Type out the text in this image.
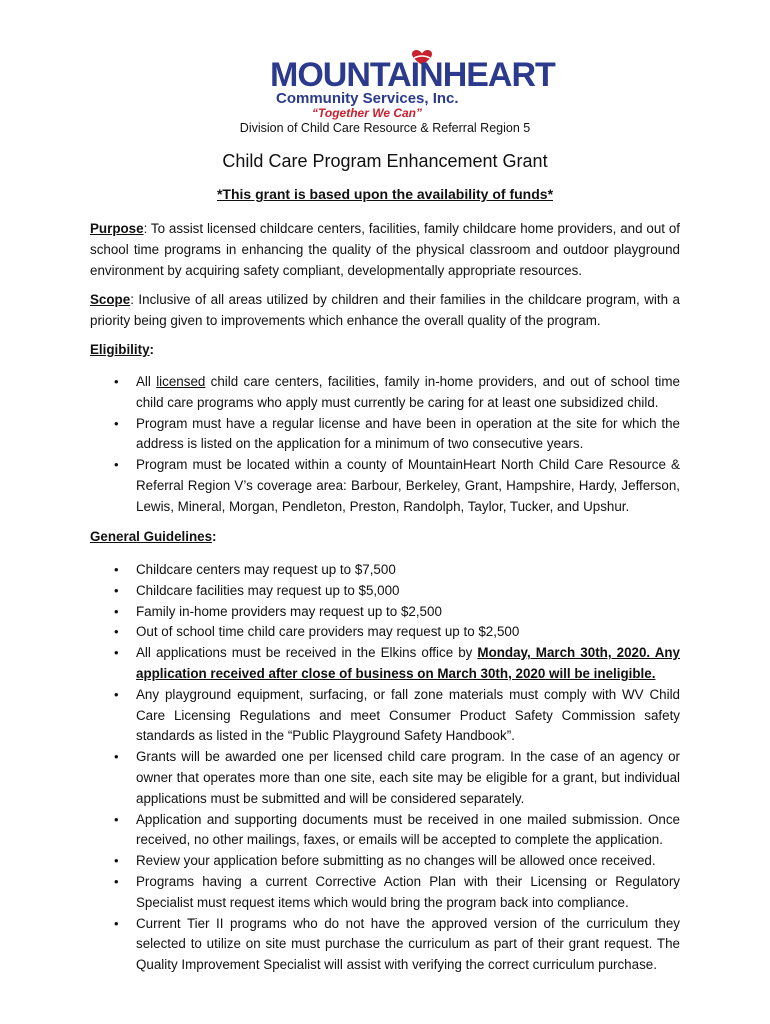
MOUNTAINHEART
Community Services, Inc.
“Together We Can”
Division of Child Care Resource & Referral Region 5
Child Care Program Enhancement Grant
*This grant is based upon the availability of funds*
Purpose: To assist licensed childcare centers, facilities, family childcare home providers, and out of school time programs in enhancing the quality of the physical classroom and outdoor playground environment by acquiring safety compliant, developmentally appropriate resources.
Scope: Inclusive of all areas utilized by children and their families in the childcare program, with a priority being given to improvements which enhance the overall quality of the program.
Eligibility:
• All licensed child care centers, facilities, family in-home providers, and out of school time child care programs who apply must currently be caring for at least one subsidized child.
• Program must have a regular license and have been in operation at the site for which the address is listed on the application for a minimum of two consecutive years.
• Program must be located within a county of MountainHeart North Child Care Resource & Referral Region V’s coverage area: Barbour, Berkeley, Grant, Hampshire, Hardy, Jefferson, Lewis, Mineral, Morgan, Pendleton, Preston, Randolph, Taylor, Tucker, and Upshur.
General Guidelines:
• Childcare centers may request up to $7,500
• Childcare facilities may request up to $5,000
• Family in-home providers may request up to $2,500
• Out of school time child care providers may request up to $2,500
• All applications must be received in the Elkins office by Monday, March 30th, 2020. Any application received after close of business on March 30th, 2020 will be ineligible.
• Any playground equipment, surfacing, or fall zone materials must comply with WV Child Care Licensing Regulations and meet Consumer Product Safety Commission safety standards as listed in the “Public Playground Safety Handbook”.
• Grants will be awarded one per licensed child care program. In the case of an agency or owner that operates more than one site, each site may be eligible for a grant, but individual applications must be submitted and will be considered separately.
• Application and supporting documents must be received in one mailed submission. Once received, no other mailings, faxes, or emails will be accepted to complete the application.
• Review your application before submitting as no changes will be allowed once received.
• Programs having a current Corrective Action Plan with their Licensing or Regulatory Specialist must request items which would bring the program back into compliance.
• Current Tier II programs who do not have the approved version of the curriculum they selected to utilize on site must purchase the curriculum as part of their grant request. The Quality Improvement Specialist will assist with verifying the correct curriculum purchase.
